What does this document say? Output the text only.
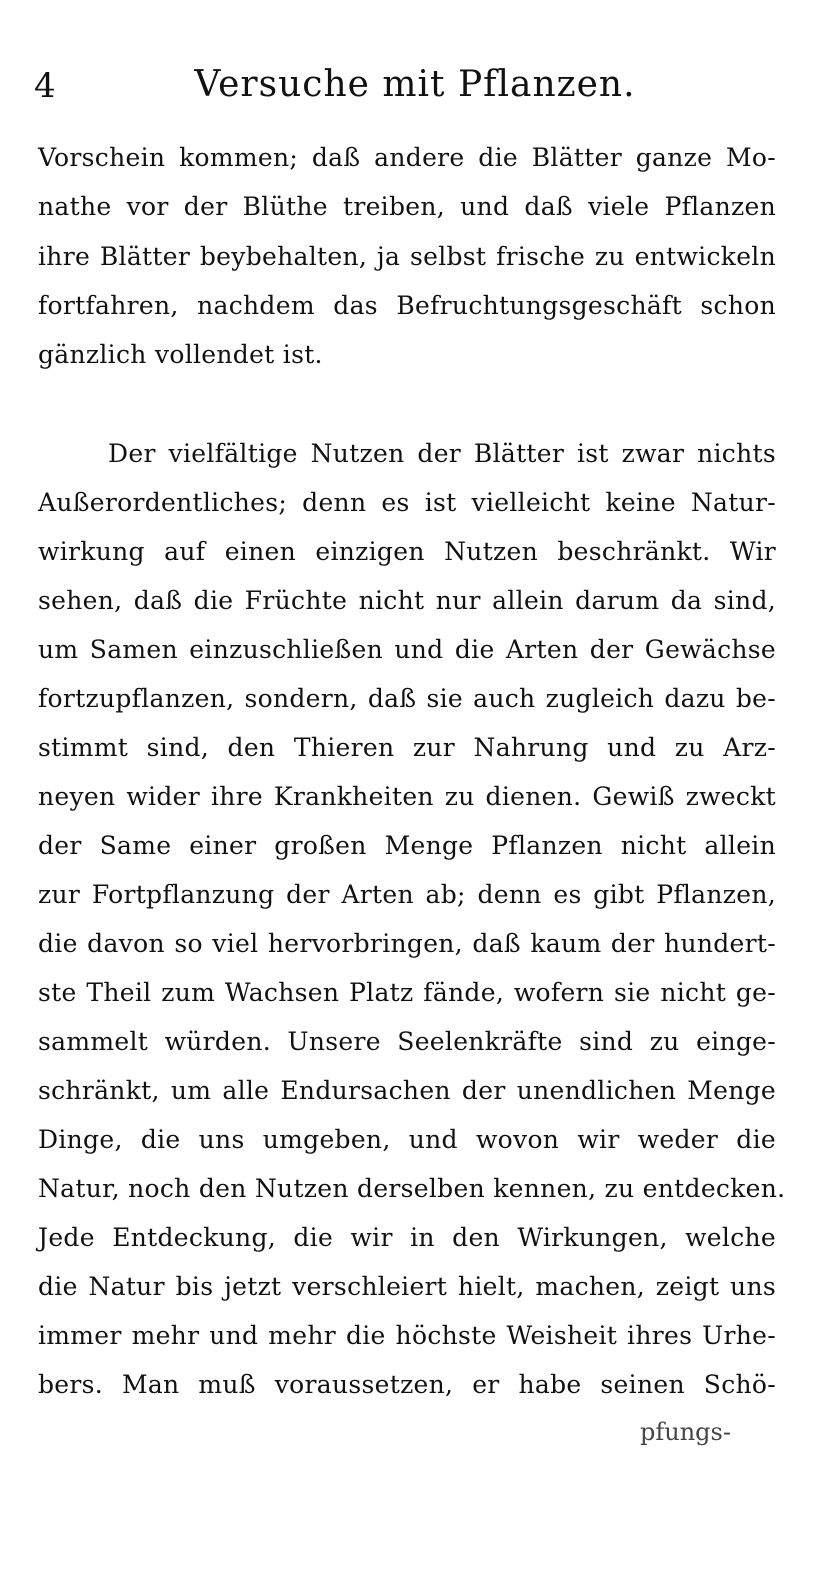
4	Versuche mit Pflanzen.
Vorschein kommen; daß andere die Blätter ganze Mo-
nathe vor der Blüthe treiben, und daß viele Pflanzen
ihre Blätter beybehalten, ja selbst frische zu entwickeln
fortfahren, nachdem das Befruchtungsgeschäft schon
gänzlich vollendet ist.
Der vielfältige Nutzen der Blätter ist zwar nichts
Außerordentliches; denn es ist vielleicht keine Natur-
wirkung auf einen einzigen Nutzen beschränkt. Wir
sehen, daß die Früchte nicht nur allein darum da sind,
um Samen einzuschließen und die Arten der Gewächse
fortzupflanzen, sondern, daß sie auch zugleich dazu be-
stimmt sind, den Thieren zur Nahrung und zu Arz-
neyen wider ihre Krankheiten zu dienen. Gewiß zweckt
der Same einer großen Menge Pflanzen nicht allein
zur Fortpflanzung der Arten ab; denn es gibt Pflanzen,
die davon so viel hervorbringen, daß kaum der hundert-
ste Theil zum Wachsen Platz fände, wofern sie nicht ge-
sammelt würden. Unsere Seelenkräfte sind zu einge-
schränkt, um alle Endursachen der unendlichen Menge
Dinge, die uns umgeben, und wovon wir weder die
Natur, noch den Nutzen derselben kennen, zu entdecken.
Jede Entdeckung, die wir in den Wirkungen, welche
die Natur bis jetzt verschleiert hielt, machen, zeigt uns
immer mehr und mehr die höchste Weisheit ihres Urhe-
bers. Man muß voraussetzen, er habe seinen Schö-
pfungs-
